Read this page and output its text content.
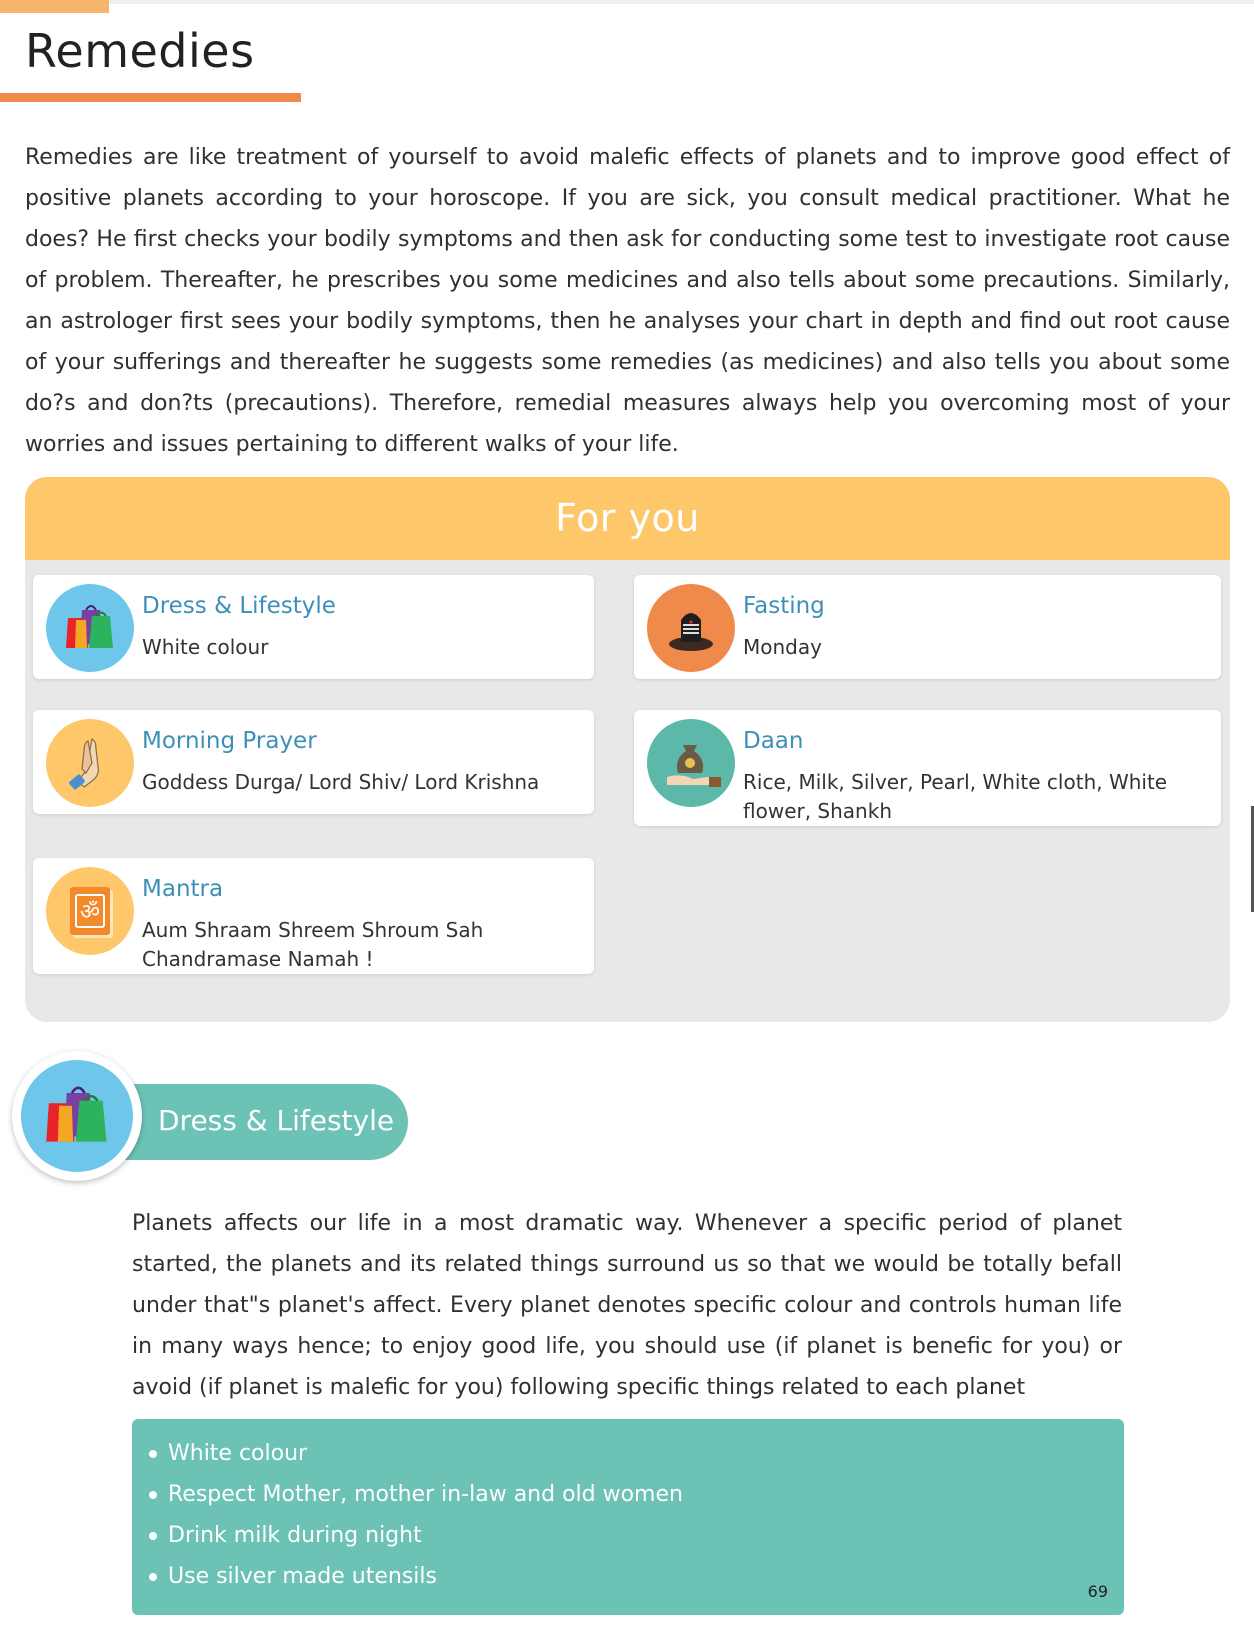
Remedies

Remedies are like treatment of yourself to avoid malefic effects of planets and to improve good effect of positive planets according to your horoscope. If you are sick, you consult medical practitioner. What he does? He first checks your bodily symptoms and then ask for conducting some test to investigate root cause of problem. Thereafter, he prescribes you some medicines and also tells about some precautions. Similarly, an astrologer first sees your bodily symptoms, then he analyses your chart in depth and find out root cause of your sufferings and thereafter he suggests some remedies (as medicines) and also tells you about some do?s and don?ts (precautions). Therefore, remedial measures always help you overcoming most of your worries and issues pertaining to different walks of your life.

For you
Dress & Lifestyle
White colour
Fasting
Monday
Morning Prayer
Goddess Durga/ Lord Shiv/ Lord Krishna
Daan
Rice, Milk, Silver, Pearl, White cloth, White flower, Shankh
ॐ
Mantra
Aum Shraam Shreem Shroum Sah Chandramase Namah !
Dress & Lifestyle

Planets affects our life in a most dramatic way. Whenever a specific period of planet started, the planets and its related things surround us so that we would be totally befall under that"s planet's affect. Every planet denotes specific colour and controls human life in many ways hence; to enjoy good life, you should use (if planet is benefic for you) or avoid (if planet is malefic for you) following specific things related to each planet

White colour
Respect Mother, mother in-law and old women
Drink milk during night
Use silver made utensils
69
